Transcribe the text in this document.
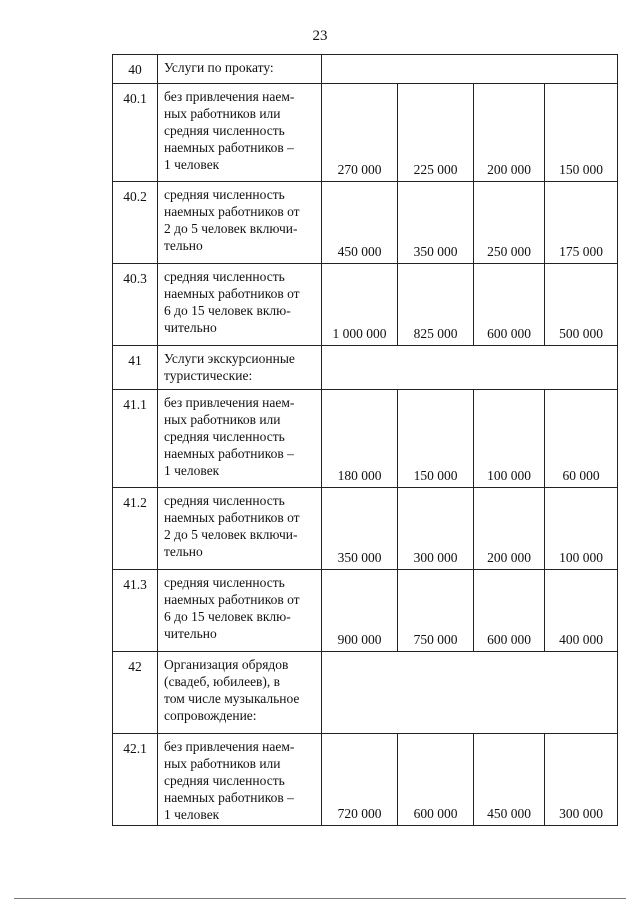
23
40	Услуги по прокату:				
40.1	без привлечения наем-
ных работников или
средняя численность
наемных работников –
1 человек	270 000	225 000	200 000	150 000
40.2	средняя численность
наемных работников от
2 до 5 человек включи-
тельно	450 000	350 000	250 000	175 000
40.3	средняя численность
наемных работников от
6 до 15 человек вклю-
чительно	1 000 000	825 000	600 000	500 000
41	Услуги экскурсионные
туристические:				
41.1	без привлечения наем-
ных работников или
средняя численность
наемных работников –
1 человек	180 000	150 000	100 000	60 000
41.2	средняя численность
наемных работников от
2 до 5 человек включи-
тельно	350 000	300 000	200 000	100 000
41.3	средняя численность
наемных работников от
6 до 15 человек вклю-
чительно	900 000	750 000	600 000	400 000
42	Организация обрядов
(свадеб, юбилеев), в
том числе музыкальное
сопровождение:				
42.1	без привлечения наем-
ных работников или
средняя численность
наемных работников –
1 человек	720 000	600 000	450 000	300 000
